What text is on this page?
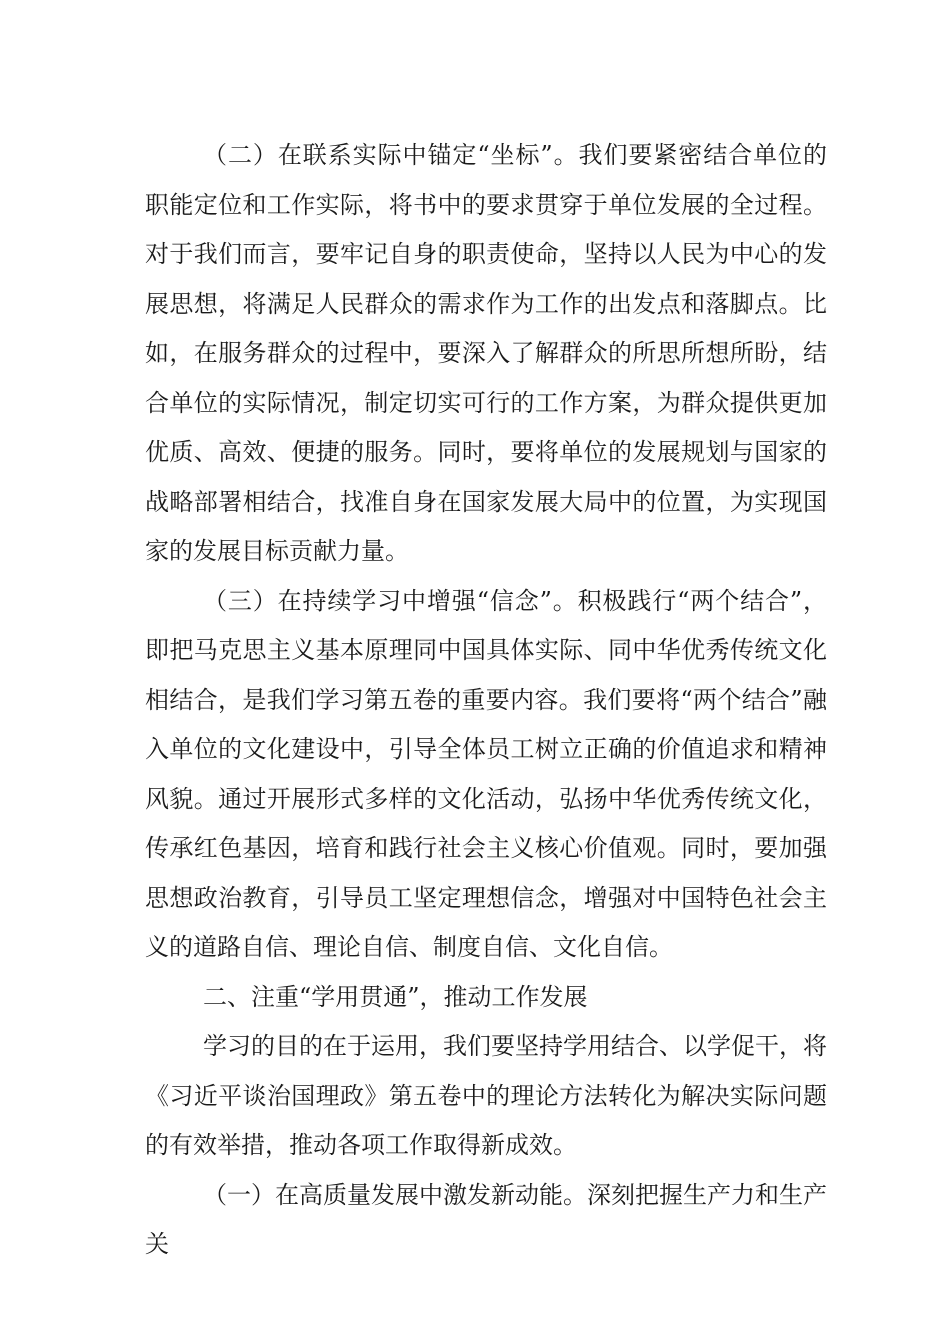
（二）在联系实际中锚定“坐标”。我们要紧密结合单位的职能定位和工作实际，将书中的要求贯穿于单位发展的全过程。对于我们而言，要牢记自身的职责使命，坚持以人民为中心的发展思想，将满足人民群众的需求作为工作的出发点和落脚点。比如，在服务群众的过程中，要深入了解群众的所思所想所盼，结合单位的实际情况，制定切实可行的工作方案，为群众提供更加优质、高效、便捷的服务。同时，要将单位的发展规划与国家的战略部署相结合，找准自身在国家发展大局中的位置，为实现国家的发展目标贡献力量。

（三）在持续学习中增强“信念”。积极践行“两个结合”，即把马克思主义基本原理同中国具体实际、同中华优秀传统文化相结合，是我们学习第五卷的重要内容。我们要将“两个结合”融入单位的文化建设中，引导全体员工树立正确的价值追求和精神风貌。通过开展形式多样的文化活动，弘扬中华优秀传统文化，传承红色基因，培育和践行社会主义核心价值观。同时，要加强思想政治教育，引导员工坚定理想信念，增强对中国特色社会主义的道路自信、理论自信、制度自信、文化自信。

二、注重“学用贯通”，推动工作发展

学习的目的在于运用，我们要坚持学用结合、以学促干，将《习近平谈治国理政》第五卷中的理论方法转化为解决实际问题的有效举措，推动各项工作取得新成效。

（一）在高质量发展中激发新动能。深刻把握生产力和生产关
